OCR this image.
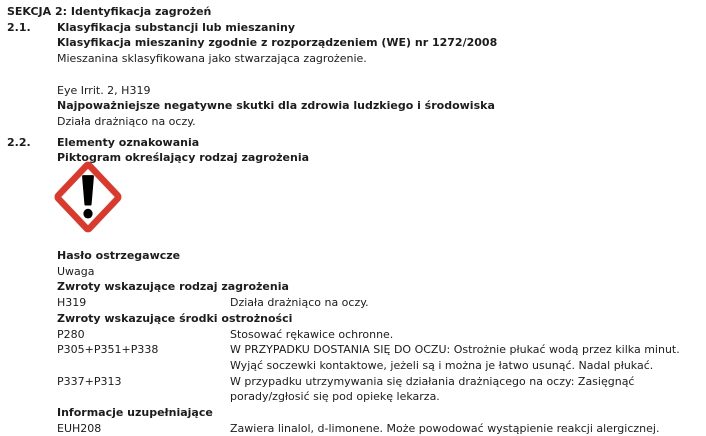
SEKCJA 2: Identyfikacja zagrożeń
2.1.	Klasyfikacja substancji lub mieszaniny
Klasyfikacja mieszaniny zgodnie z rozporządzeniem (WE) nr 1272/2008
Mieszanina sklasyfikowana jako stwarzająca zagrożenie.
Eye Irrit. 2, H319
Najpoważniejsze negatywne skutki dla zdrowia ludzkiego i środowiska
Działa drażniąco na oczy.
2.2.	Elementy oznakowania
Piktogram określający rodzaj zagrożenia
Hasło ostrzegawcze
Uwaga
Zwroty wskazujące rodzaj zagrożenia
H319	Działa drażniąco na oczy.
Zwroty wskazujące środki ostrożności
P280	Stosować rękawice ochronne.
P305+P351+P338	W PRZYPADKU DOSTANIA SIĘ DO OCZU: Ostrożnie płukać wodą przez kilka minut.
Wyjąć soczewki kontaktowe, jeżeli są i można je łatwo usunąć. Nadal płukać.
P337+P313	W przypadku utrzymywania się działania drażniącego na oczy: Zasięgnąć
porady/zgłosić się pod opiekę lekarza.
Informacje uzupełniające
EUH208	Zawiera linalol, d-limonene. Może powodować wystąpienie reakcji alergicznej.
